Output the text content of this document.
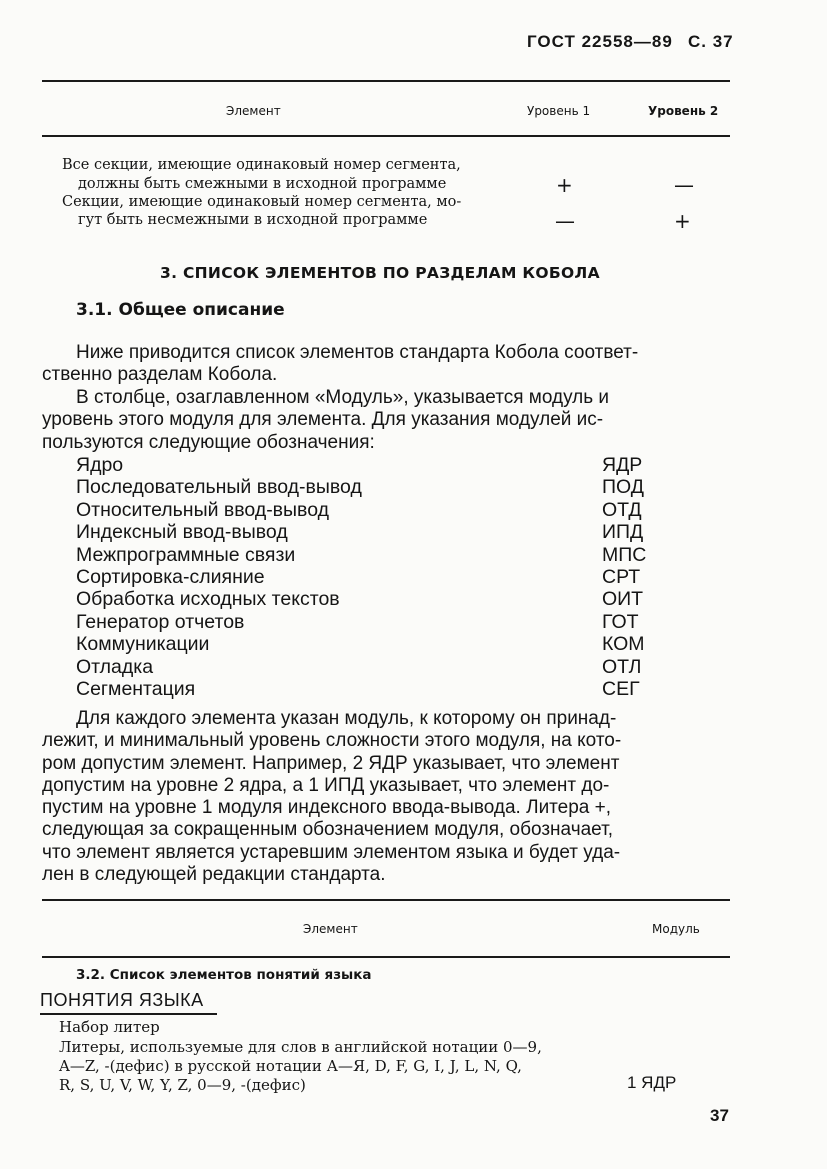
ГОСТ 22558—89 С. 37
Элемент	Уровень 1	Уровень 2
Все секции, имеющие одинаковый номер сегмента,
должны быть смежными в исходной программе	+	—
Секции, имеющие одинаковый номер сегмента, мо-
гут быть несмежными в исходной программе	—	+
3. СПИСОК ЭЛЕМЕНТОВ ПО РАЗДЕЛАМ КОБОЛА
3.1. Общее описание
Ниже приводится список элементов стандарта Кобола соответ-
ственно разделам Кобола.
В столбце, озаглавленном «Модуль», указывается модуль и
уровень этого модуля для элемента. Для указания модулей ис-
пользуются следующие обозначения:
Ядро	ЯДР
Последовательный ввод-вывод	ПОД
Относительный ввод-вывод	ОТД
Индексный ввод-вывод	ИПД
Межпрограммные связи	МПС
Сортировка-слияние	СРТ
Обработка исходных текстов	ОИТ
Генератор отчетов	ГОТ
Коммуникации	КОМ
Отладка	ОТЛ
Сегментация	СЕГ
Для каждого элемента указан модуль, к которому он принад-
лежит, и минимальный уровень сложности этого модуля, на кото-
ром допустим элемент. Например, 2 ЯДР указывает, что элемент
допустим на уровне 2 ядра, а 1 ИПД указывает, что элемент до-
пустим на уровне 1 модуля индексного ввода-вывода. Литера +,
следующая за сокращенным обозначением модуля, обозначает,
что элемент является устаревшим элементом языка и будет уда-
лен в следующей редакции стандарта.
Элемент	Модуль
3.2. Список элементов понятий языка
ПОНЯТИЯ ЯЗЫКА
Набор литер
Литеры, используемые для слов в английской нотации 0—9,
A—Z, -(дефис) в русской нотации А—Я, D, F, G, I, J, L, N, Q,
R, S, U, V, W, Y, Z, 0—9, -(дефис)	1 ЯДР
37
